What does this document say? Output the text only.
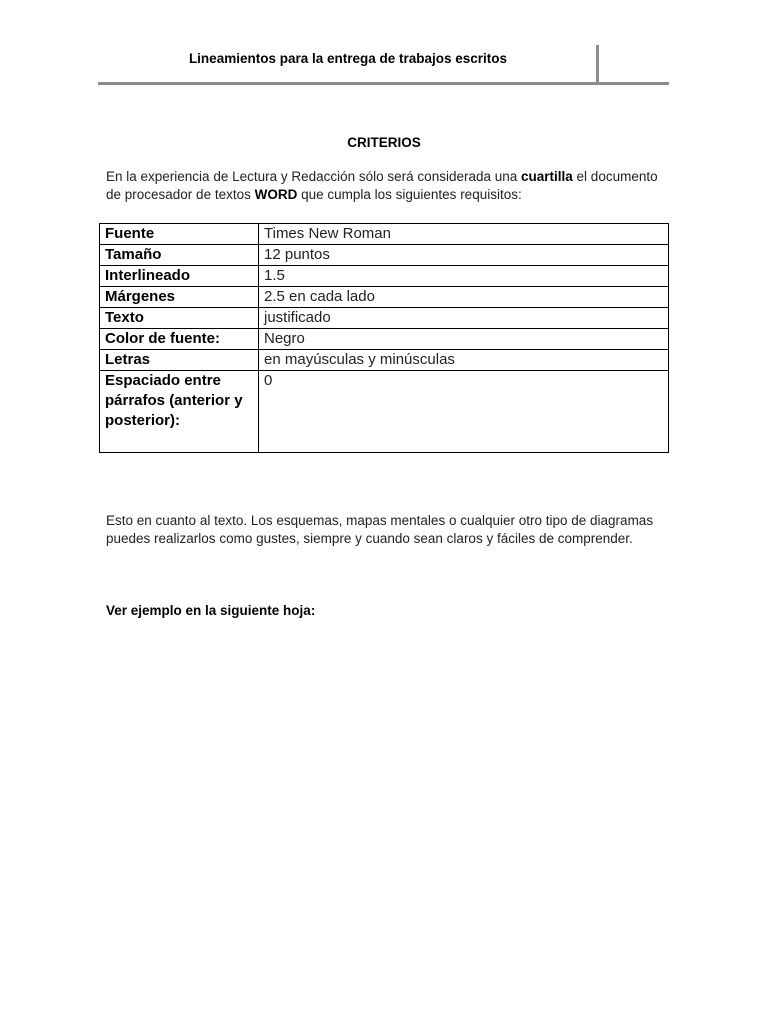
Lineamientos para la entrega de trabajos escritos
CRITERIOS
En la experiencia de Lectura y Redacción sólo será considerada una cuartilla el documento de procesador de textos WORD que cumpla los siguientes requisitos:
Fuente	Times New Roman
Tamaño	12 puntos
Interlineado	1.5
Márgenes	2.5 en cada lado
Texto	justificado
Color de fuente:	Negro
Letras	en mayúsculas y minúsculas
Espaciado entre párrafos (anterior y posterior):	0
Esto en cuanto al texto. Los esquemas, mapas mentales o cualquier otro tipo de diagramas puedes realizarlos como gustes, siempre y cuando sean claros y fáciles de comprender.
Ver ejemplo en la siguiente hoja:
